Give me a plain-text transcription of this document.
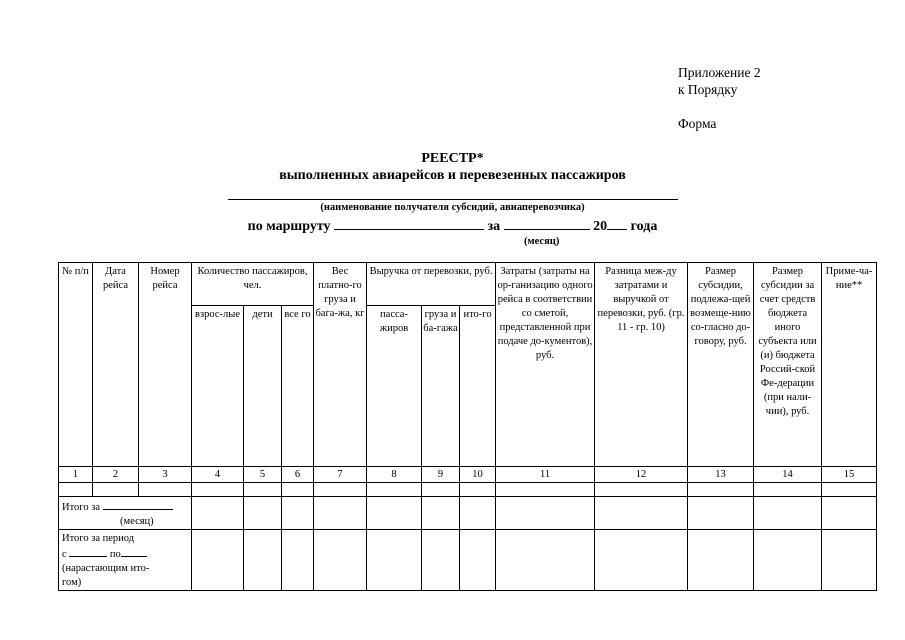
Приложение 2
к Порядку
Форма
РЕЕСТР*
выполненных авиарейсов и перевезенных пассажиров
(наименование получателя субсидий, авиаперевозчика)
по маршруту	за	20 года
(месяц)
№ п/п	Дата рейса	Номер рейса	Количество пассажиров, чел.			Вес платно-го груза и бага-жа, кг	Выручка от перевозки, руб.			Затраты (затраты на ор-ганизацию одного рейса в соответствии со сметой, представленной при подаче до-кументов), руб.	Разница меж-ду затратами и выручкой от перевозки, руб. (гр. 11 - гр. 10)	Размер субсидии, подлежа-щей возмеще-нию со-гласно до-говору, руб.	Размер субсидии за счет средств бюджета иного субъекта или (и) бюджета Россий-ской Фе-дерации (при нали-чии), руб.	Приме-ча-ние**
			взрос-лые	дети	все го		пасса-жиров	груза и ба-гажа	ито-го					
1	2	3	4	5	6	7	8	9	10	11	12	13	14	15

Итого за
(месяц)														

Итого за период
с по
(нарастающим ито-
гом)														
